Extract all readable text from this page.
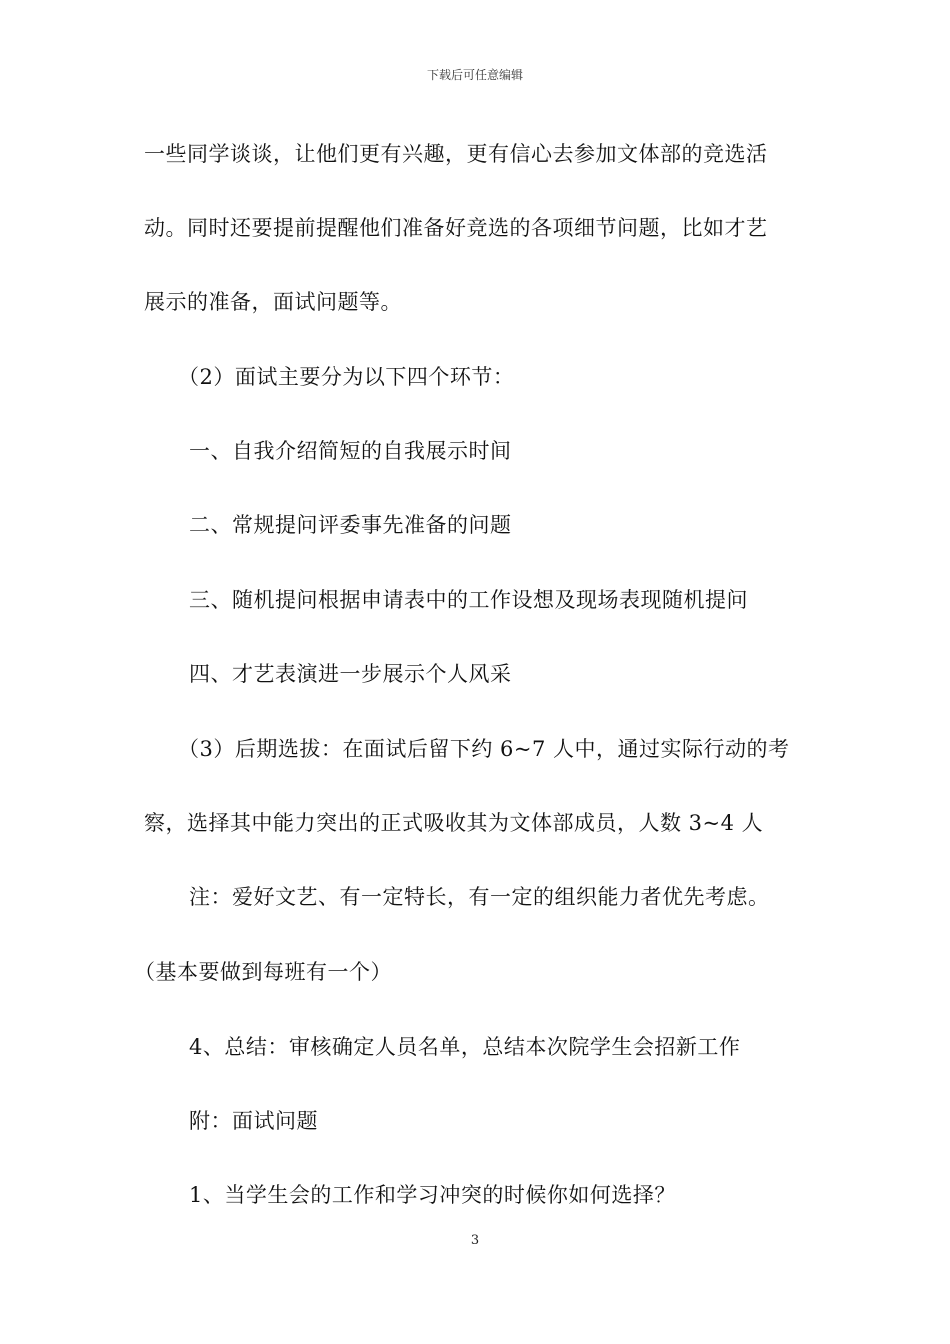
下载后可任意编辑
一些同学谈谈，让他们更有兴趣，更有信心去参加文体部的竞选活
动。同时还要提前提醒他们准备好竞选的各项细节问题，比如才艺
展示的准备，面试问题等。
（2）面试主要分为以下四个环节：
一、自我介绍简短的自我展示时间
二、常规提问评委事先准备的问题
三、随机提问根据申请表中的工作设想及现场表现随机提问
四、才艺表演进一步展示个人风采
（3）后期选拔：在面试后留下约 6~7 人中，通过实际行动的考
察，选择其中能力突出的正式吸收其为文体部成员，人数 3~4 人
注：爱好文艺、有一定特长，有一定的组织能力者优先考虑。
（基本要做到每班有一个）
4、总结：审核确定人员名单，总结本次院学生会招新工作
附：面试问题
1、当学生会的工作和学习冲突的时候你如何选择？
3
